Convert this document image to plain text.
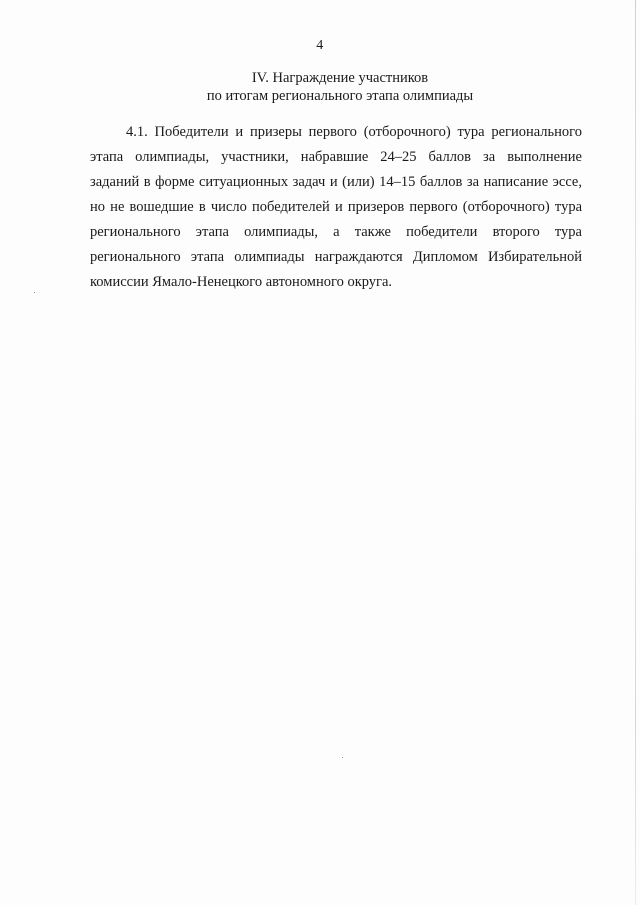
4
IV. Награждение участников
по итогам регионального этапа олимпиады
4.1. Победители и призеры первого (отборочного) тура регионального
этапа олимпиады, участники, набравшие 24–25 баллов за выполнение
заданий в форме ситуационных задач и (или) 14–15 баллов за написание эссе,
но не вошедшие в число победителей и призеров первого (отборочного) тура
регионального этапа олимпиады, а также победители второго тура
регионального этапа олимпиады награждаются Дипломом Избирательной
комиссии Ямало-Ненецкого автономного округа.
